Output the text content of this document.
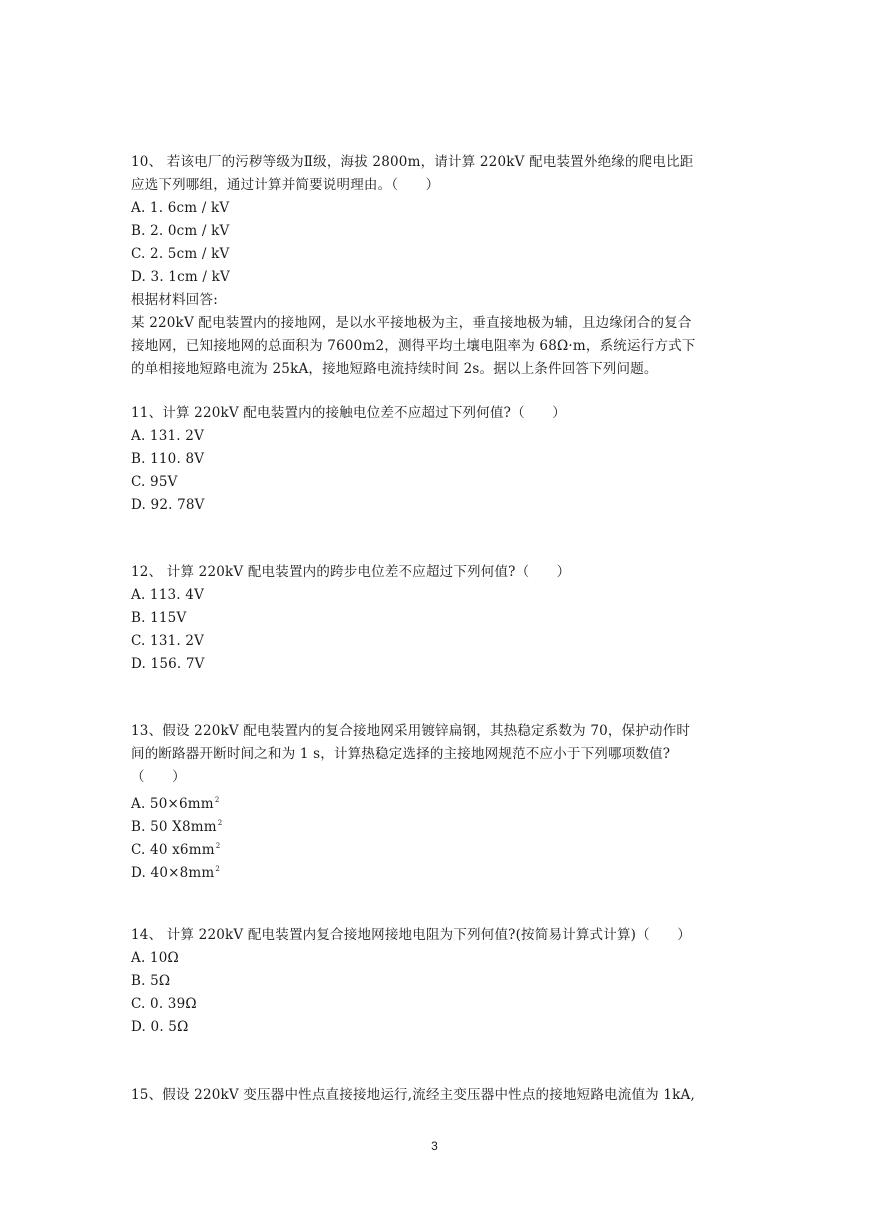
10、 若该电厂的污秽等级为Ⅱ级，海拔 2800m，请计算 220kV 配电装置外绝缘的爬电比距
应选下列哪组，通过计算并简要说明理由。（　　）
A. 1. 6cm / kV
B. 2. 0cm / kV
C. 2. 5cm / kV
D. 3. 1cm / kV
根据材料回答:
某 220kV 配电装置内的接地网，是以水平接地极为主，垂直接地极为辅，且边缘闭合的复合
接地网，已知接地网的总面积为 7600m2，测得平均土壤电阻率为 68Ω·m，系统运行方式下
的单相接地短路电流为 25kA，接地短路电流持续时间 2s。据以上条件回答下列问题。
11、计算 220kV 配电装置内的接触电位差不应超过下列何值?（　　）
A. 131. 2V
B. 110. 8V
C. 95V
D. 92. 78V
12、 计算 220kV 配电装置内的跨步电位差不应超过下列何值?（　　）
A. 113. 4V
B. 115V
C. 131. 2V
D. 156. 7V
13、假设 220kV 配电装置内的复合接地网采用镀锌扁钢，其热稳定系数为 70，保护动作时
间的断路器开断时间之和为 1 s，计算热稳定选择的主接地网规范不应小于下列哪项数值?
（　　）
A. $50\times 6mm^2$
B. 50 $X8mm^2$
C. 40 $x6mm^2$
D. $40\times 8mm^2$
14、 计算 220kV 配电装置内复合接地网接地电阻为下列何值?(按简易计算式计算)（　　）
A. 10Ω
B. 5Ω
C. 0. 39Ω
D. 0. 5Ω
15、假设 220kV 变压器中性点直接接地运行,流经主变压器中性点的接地短路电流值为 1kA,
3
